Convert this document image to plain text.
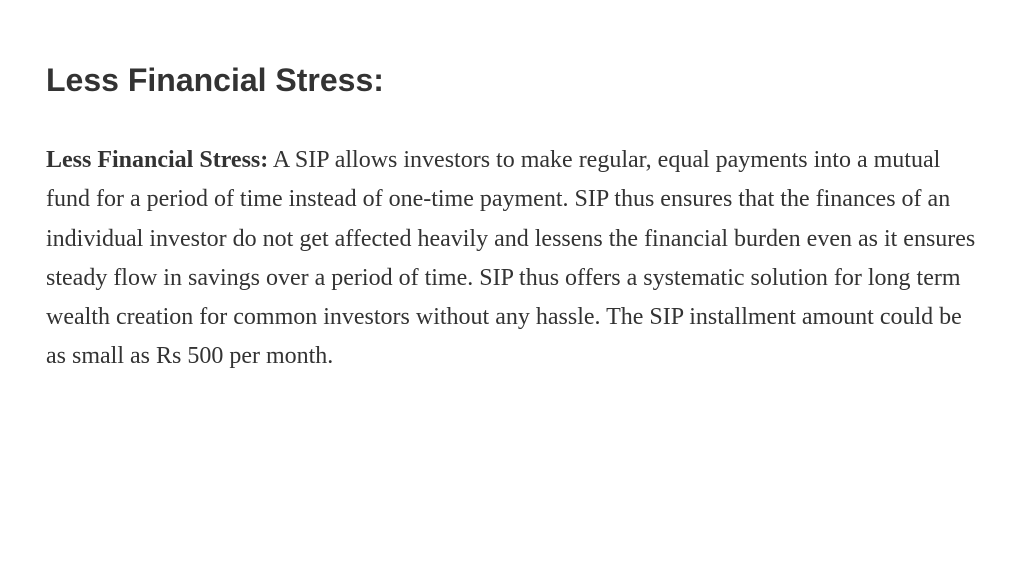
Less Financial Stress:

Less Financial Stress: A SIP allows investors to make regular, equal payments into a mutual fund for a period of time instead of one-time payment. SIP thus ensures that the finances of an individual investor do not get affected heavily and lessens the financial burden even as it ensures steady flow in savings over a period of time. SIP thus offers a systematic solution for long term wealth creation for common investors without any hassle. The SIP installment amount could be as small as Rs 500 per month.
